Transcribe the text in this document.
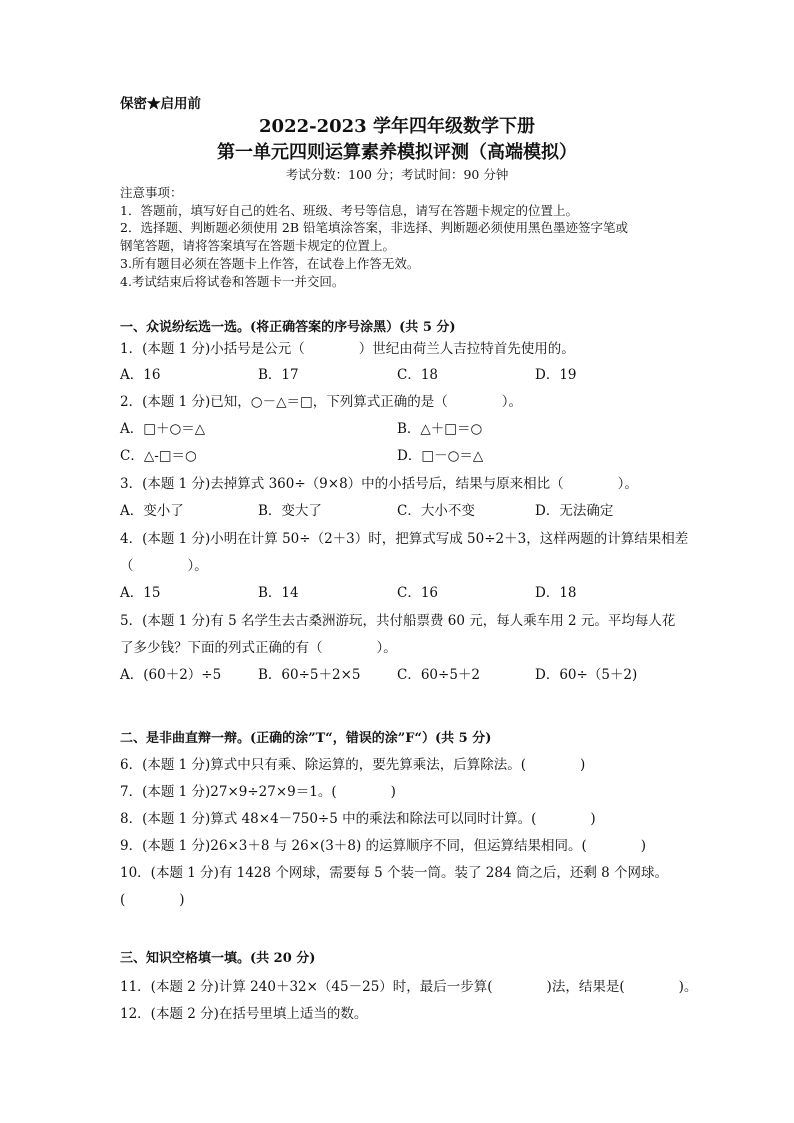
保密★启用前
2022-2023 学年四年级数学下册
第一单元四则运算素养模拟评测（高端模拟）
考试分数：100 分；考试时间：90 分钟
注意事项：
1．答题前，填写好自己的姓名、班级、考号等信息，请写在答题卡规定的位置上。
2．选择题、判断题必须使用 2B 铅笔填涂答案，非选择、判断题必须使用黑色墨迹签字笔或
钢笔答题，请将答案填写在答题卡规定的位置上。
3.所有题目必须在答题卡上作答，在试卷上作答无效。
4.考试结束后将试卷和答题卡一并交回。
一、众说纷纭选一选。(将正确答案的序号涂黑）(共 5 分)
1．(本题 1 分)小括号是公元（　　　　）世纪由荷兰人吉拉特首先使用的。
A．16	B．17	C．18	D．19
2．(本题 1 分)已知，○－△＝□，下列算式正确的是（　　　　）。
A．□＋○＝△	B．△＋□＝○
C．△-□＝○	D．□－○＝△
3．(本题 1 分)去掉算式 360÷（9×8）中的小括号后，结果与原来相比（　　　　）。
A．变小了	B．变大了	C．大小不变	D．无法确定
4．(本题 1 分)小明在计算 50÷（2＋3）时，把算式写成 50÷2＋3，这样两题的计算结果相差
（　　　　）。
A．15	B．14	C．16	D．18
5．(本题 1 分)有 5 名学生去古桑洲游玩，共付船票费 60 元，每人乘车用 2 元。平均每人花
了多少钱？下面的列式正确的有（　　　　）。
A．(60＋2）÷5	B．60÷5＋2×5	C．60÷5＋2	D．60÷（5＋2)
二、是非曲直辩一辩。(正确的涂”T“，错误的涂”F“）(共 5 分)
6．(本题 1 分)算式中只有乘、除运算的，要先算乘法，后算除法。(　　　　)
7．(本题 1 分)27×9÷27×9＝1。(　　　　)
8．(本题 1 分)算式 48×4－750÷5 中的乘法和除法可以同时计算。(　　　　)
9．(本题 1 分)26×3＋8 与 26×(3＋8) 的运算顺序不同，但运算结果相同。(　　　　)
10．(本题 1 分)有 1428 个网球，需要每 5 个装一筒。装了 284 筒之后，还剩 8 个网球。
(　　　　)
三、知识空格填一填。(共 20 分)
11．(本题 2 分)计算 240＋32×（45－25）时，最后一步算(　　　　)法，结果是(　　　　)。
12．(本题 2 分)在括号里填上适当的数。
